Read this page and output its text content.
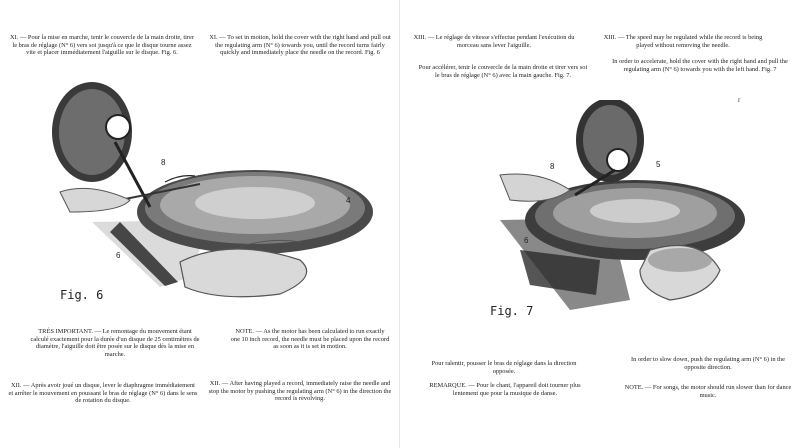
XI. — Pour la mise en marche, tenir le couvercle de la main droite, tirer le bras de réglage (N° 6) vers soi jusqu'à ce que le disque tourne assez vite et placer immédiatement l'aiguille sur le disque. Fig. 6.
XI. — To set in motion, hold the cover with the right hand and pull out the regulating arm (N° 6) towards you, until the record turns fairly quickly and immediately place the needle on the record. Fig. 6
8
6
4
Fig. 6
TRÈS IMPORTANT. — Le remontage du mouvement étant calculé exactement pour la durée d'un disque de 25 centimètres de diamètre, l'aiguille doit être posée sur le disque dès la mise en marche.
NOTE. — As the motor has been calculated to run exactly one 10 inch record, the needle must be placed upon the record as soon as it is set in motion.
XII. — Après avoir joué un disque, lever le diaphragme immédiatement et arrêter le mouvement en poussant le bras de réglage (N° 6) dans le sens de rotation du disque.
XII. — After having played a record, immediately raise the needle and stop the motor by pushing the regulating arm (N° 6) in the direction the record is revolving.
XIII. — Le réglage de vitesse s'effectue pendant l'exécution du morceau sans lever l'aiguille.
Pour accélérer, tenir le couvercle de la main droite et tirer vers soi le bras de réglage (N° 6) avec la main gauche. Fig. 7.
XIII. — The speed may be regulated while the record is being played without removing the needle.
In order to accelerate, hold the cover with the right hand and pull the regulating arm (N° 6) towards you with the left hand. Fig. 7
r
8	5
6
Fig. 7
Pour ralentir, pousser le bras de réglage dans la direction opposée.
REMARQUE. — Pour le chant, l'appareil doit tourner plus lentement que pour la musique de danse.
In order to slow down, push the regulating arm (N° 6) in the opposite direction.
NOTE. — For songs, the motor should run slower than for dance music.
